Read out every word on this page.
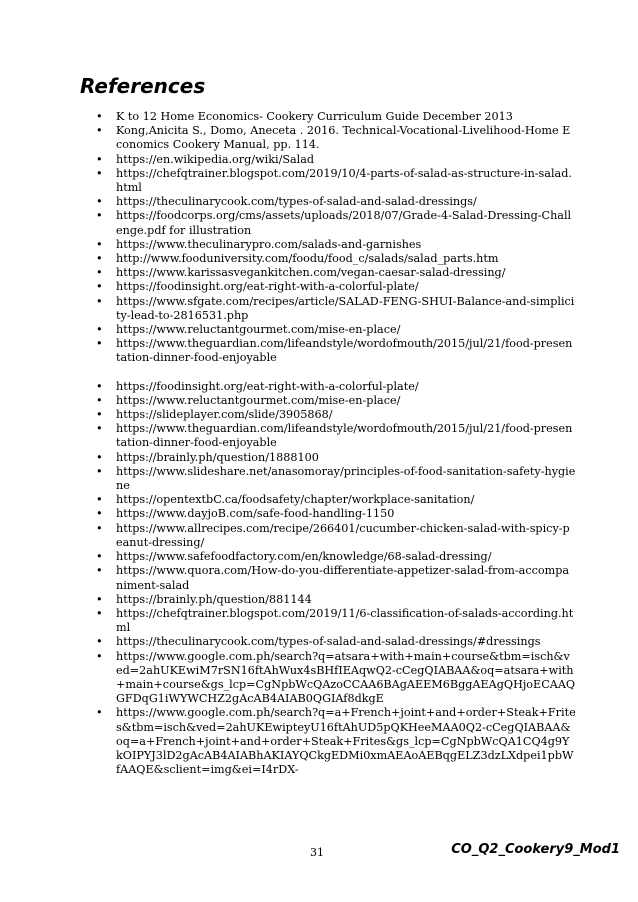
References
• K to 12 Home Economics- Cookery Curriculum Guide December 2013
• Kong,Anicita S., Domo, Aneceta . 2016. Technical-Vocational-Livelihood-Home Economics Cookery Manual, pp. 114.
• https://en.wikipedia.org/wiki/Salad
• https://chefqtrainer.blogspot.com/2019/10/4-parts-of-salad-as-structure-in-salad.html
• https://theculinarycook.com/types-of-salad-and-salad-dressings/
• https://foodcorps.org/cms/assets/uploads/2018/07/Grade-4-Salad-Dressing-Challenge.pdf for illustration
• https://www.theculinarypro.com/salads-and-garnishes
• http://www.fooduniversity.com/foodu/food_c/salads/salad_parts.htm
• https://www.karissasvegankitchen.com/vegan-caesar-salad-dressing/
• https://foodinsight.org/eat-right-with-a-colorful-plate/
• https://www.sfgate.com/recipes/article/SALAD-FENG-SHUI-Balance-and-simplicity-lead-to-2816531.php
• https://www.reluctantgourmet.com/mise-en-place/
• https://www.theguardian.com/lifeandstyle/wordofmouth/2015/jul/21/food-presentation-dinner-food-enjoyable
• https://foodinsight.org/eat-right-with-a-colorful-plate/
• https://www.reluctantgourmet.com/mise-en-place/
• https://slideplayer.com/slide/3905868/
• https://www.theguardian.com/lifeandstyle/wordofmouth/2015/jul/21/food-presentation-dinner-food-enjoyable
• https://brainly.ph/question/1888100
• https://www.slideshare.net/anasomoray/principles-of-food-sanitation-safety-hygiene
• https://opentextbC.ca/foodsafety/chapter/workplace-sanitation/
• https://www.dayjoB.com/safe-food-handling-1150
• https://www.allrecipes.com/recipe/266401/cucumber-chicken-salad-with-spicy-peanut-dressing/
• https://www.safefoodfactory.com/en/knowledge/68-salad-dressing/
• https://www.quora.com/How-do-you-differentiate-appetizer-salad-from-accompaniment-salad
• https://brainly.ph/question/881144
• https://chefqtrainer.blogspot.com/2019/11/6-classification-of-salads-according.html
• https://theculinarycook.com/types-of-salad-and-salad-dressings/#dressings
• https://www.google.com.ph/search?q=atsara+with+main+course&tbm=isch&ved=2ahUKEwiM7rSN16ftAhWux4sBHfIEAqwQ2-cCegQIABAA&oq=atsara+with+main+course&gs_lcp=CgNpbWcQAzoCCAA6BAgAEEM6BggAEAgQHjoECAAQGFDqG1iWYWCHZ2gAcAB4AIAB0QGIAf8dkgE
• https://www.google.com.ph/search?q=a+French+joint+and+order+Steak+Frites&tbm=isch&ved=2ahUKEwipteyU16ftAhUD5pQKHeeMAA0Q2-cCegQIABAA&oq=a+French+joint+and+order+Steak+Frites&gs_lcp=CgNpbWcQA1CQ4g9YkOIPYJ3lD2gAcAB4AIABhAKIAYQCkgEDMi0xmAEAoAEBqgELZ3dzLXdpei1pbWfAAQE&sclient=img&ei=I4rDX-
31	CO_Q2_Cookery9_Mod1
